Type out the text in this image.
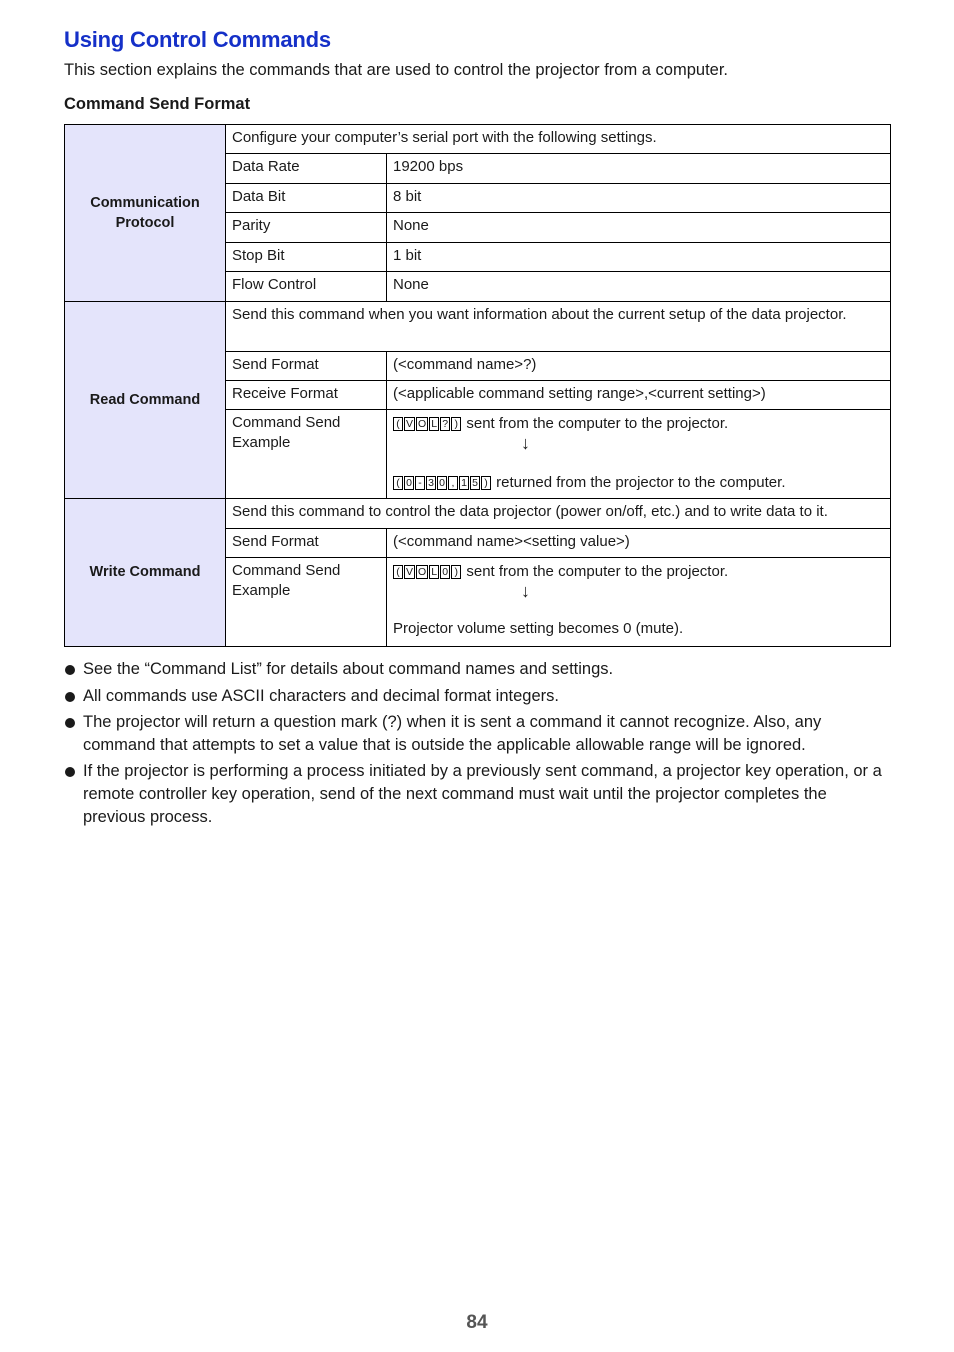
Using Control Commands
This section explains the commands that are used to control the projector from a computer.
Command Send Format
Communication Protocol	Configure your computer’s serial port with the following settings.	
	Data Rate	19200 bps
	Data Bit	8 bit
	Parity	None
	Stop Bit	1 bit
	Flow Control	None
Read Command	Send this command when you want information about the current setup of the data projector.	
	Send Format	(<command name>?)
	Receive Format	(<applicable command setting range>,<current setting>)
	Command Send Example	( V O L ? ) sent from the computer to the projector.
↓
( 0 - 3 0 , 1 5 ) returned from the projector to the computer.

Write Command	Send this command to control the data projector (power on/off, etc.) and to write data to it.	
	Send Format	(<command name><setting value>)
	Command Send Example	( V O L 0 ) sent from the computer to the projector.
↓
Projector volume setting becomes 0 (mute).
See the “Command List” for details about command names and settings.
All commands use ASCII characters and decimal format integers.
The projector will return a question mark (?) when it is sent a command it cannot recognize. Also, any command that attempts to set a value that is outside the applicable allowable range will be ignored.
If the projector is performing a process initiated by a previously sent command, a projector key operation, or a remote controller key operation, send of the next command must wait until the projector completes the previous process.
84
